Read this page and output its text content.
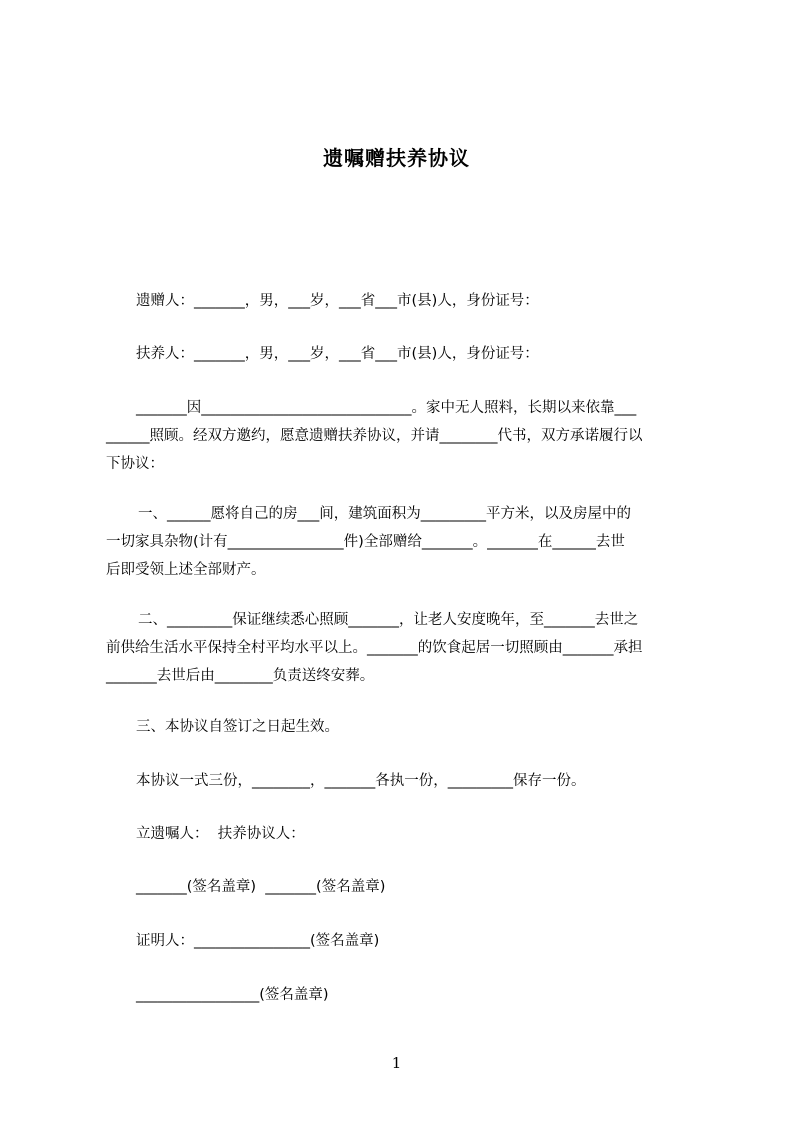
遗嘱赠扶养协议
遗赠人：_______，男，___岁，___省___市(县)人，身份证号：
扶养人：_______，男，___岁，___省___市(县)人，身份证号：
_______因_____________________________。家中无人照料，长期以来依靠___
______照顾。经双方邀约，愿意遗赠扶养协议，并请________代书，双方承诺履行以
下协议：
一、______愿将自己的房___间，建筑面积为_________平方米，以及房屋中的
一切家具杂物(计有________________件)全部赠给_______。_______在______去世
后即受领上述全部财产。
二、_________保证继续悉心照顾_______，让老人安度晚年，至_______去世之
前供给生活水平保持全村平均水平以上。_______的饮食起居一切照顾由_______承担
_______去世后由________负责送终安葬。
三、本协议自签订之日起生效。
本协议一式三份，________，_______各执一份，_________保存一份。
立遗嘱人：  扶养协议人：
_______(签名盖章)  _______(签名盖章)
证明人：________________(签名盖章)
_________________(签名盖章)
1
